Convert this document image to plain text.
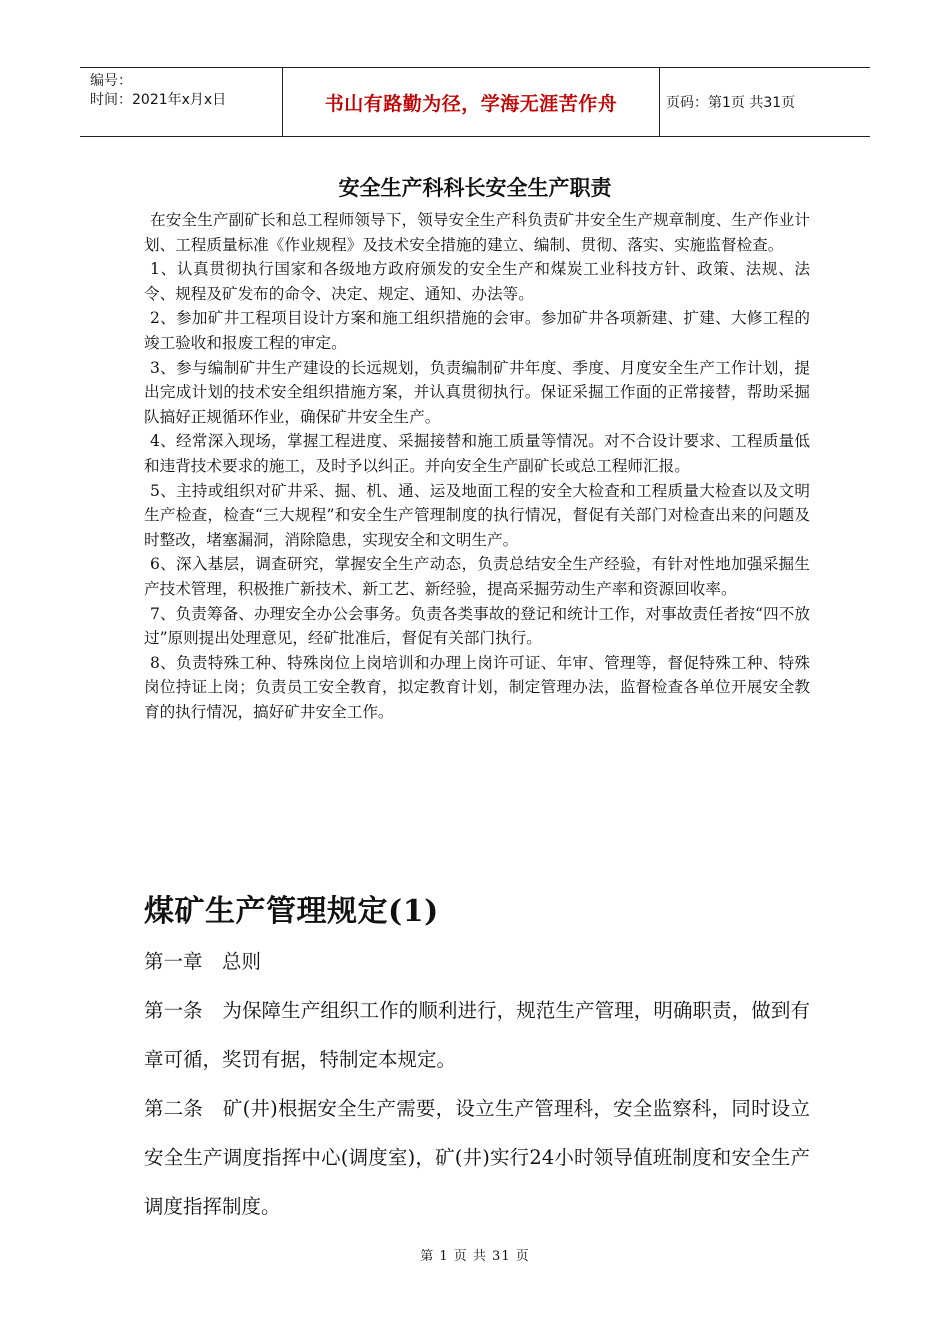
编号：
时间：2021年x月x日	书山有路勤为径，学海无涯苦作舟	页码：第1页 共31页
安全生产科科长安全生产职责

在安全生产副矿长和总工程师领导下，领导安全生产科负责矿井安全生产规章制度、生产作业计划、工程质量标准《作业规程》及技术安全措施的建立、编制、贯彻、落实、实施监督检查。

1、认真贯彻执行国家和各级地方政府颁发的安全生产和煤炭工业科技方针、政策、法规、法令、规程及矿发布的命令、决定、规定、通知、办法等。

2、参加矿井工程项目设计方案和施工组织措施的会审。参加矿井各项新建、扩建、大修工程的竣工验收和报废工程的审定。

3、参与编制矿井生产建设的长远规划，负责编制矿井年度、季度、月度安全生产工作计划，提出完成计划的技术安全组织措施方案，并认真贯彻执行。保证采掘工作面的正常接替，帮助采掘队搞好正规循环作业，确保矿井安全生产。

4、经常深入现场，掌握工程进度、采掘接替和施工质量等情况。对不合设计要求、工程质量低和违背技术要求的施工，及时予以纠正。并向安全生产副矿长或总工程师汇报。

5、主持或组织对矿井采、掘、机、通、运及地面工程的安全大检查和工程质量大检查以及文明生产检查，检查“三大规程”和安全生产管理制度的执行情况，督促有关部门对检查出来的问题及时整改，堵塞漏洞，消除隐患，实现安全和文明生产。

6、深入基层，调查研究，掌握安全生产动态，负责总结安全生产经验，有针对性地加强采掘生产技术管理，积极推广新技术、新工艺、新经验，提高采掘劳动生产率和资源回收率。

7、负责筹备、办理安全办公会事务。负责各类事故的登记和统计工作，对事故责任者按“四不放过”原则提出处理意见，经矿批准后，督促有关部门执行。

8、负责特殊工种、特殊岗位上岗培训和办理上岗许可证、年审、管理等，督促特殊工种、特殊岗位持证上岗；负责员工安全教育，拟定教育计划，制定管理办法，监督检查各单位开展安全教育的执行情况，搞好矿井安全工作。

煤矿生产管理规定(1)

第一章　总则

第一条　为保障生产组织工作的顺利进行，规范生产管理，明确职责，做到有章可循，奖罚有据，特制定本规定。

第二条　矿(井)根据安全生产需要，设立生产管理科，安全监察科，同时设立安全生产调度指挥中心(调度室)，矿(井)实行24小时领导值班制度和安全生产调度指挥制度。

第 1 页 共 31 页
